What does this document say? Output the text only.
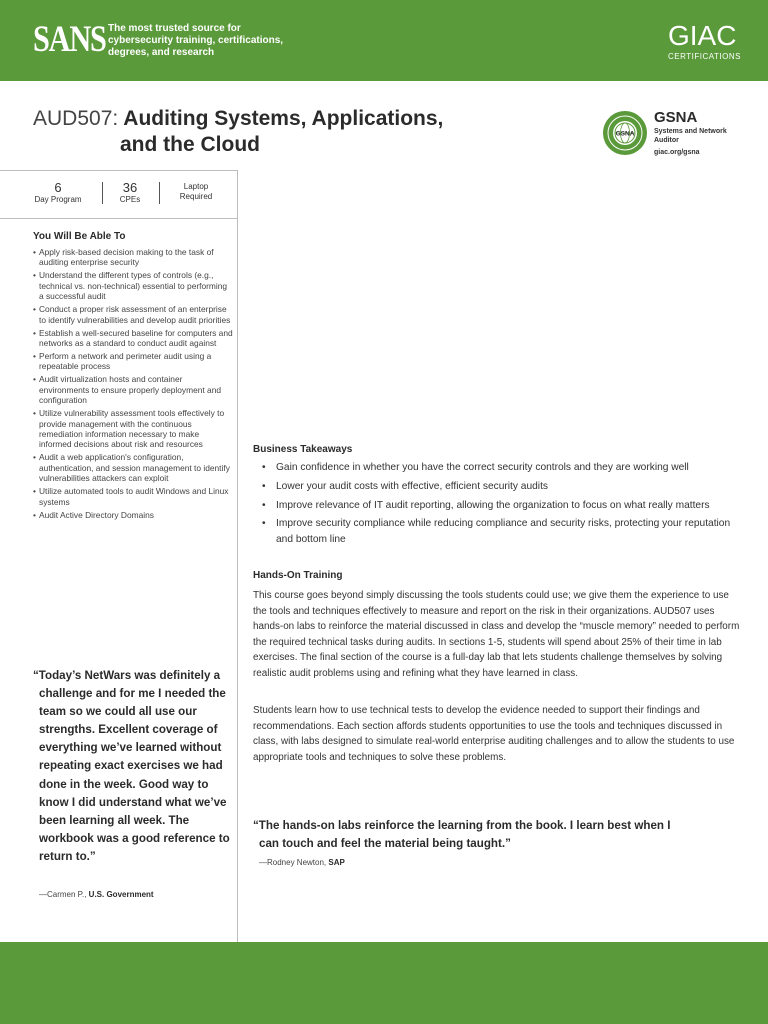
SANS The most trusted source for cybersecurity training, certifications, degrees, and research
GIAC
CERTIFICATIONS
AUD507: Auditing Systems, Applications,
and the Cloud	GSNA
GSNA
Systems and Network Auditor
giac.org/gsna
6
Day Program
36
CPEs
Laptop
Required
You Will Be Able To
• Apply risk-based decision making to the task of auditing enterprise security
• Understand the different types of controls (e.g., technical vs. non-technical) essential to performing a successful audit
• Conduct a proper risk assessment of an enterprise to identify vulnerabilities and develop audit priorities
• Establish a well-secured baseline for computers and networks as a standard to conduct audit against
• Perform a network and perimeter audit using a repeatable process
• Audit virtualization hosts and container environments to ensure properly deployment and configuration
• Utilize vulnerability assessment tools effectively to provide management with the continuous remediation information necessary to make informed decisions about risk and resources
• Audit a web application's configuration, authentication, and session management to identify vulnerabilities attackers can exploit
• Utilize automated tools to audit Windows and Linux systems
• Audit Active Directory Domains
“Today’s NetWars was definitely a challenge and for me I needed the team so we could all use our strengths. Excellent coverage of everything we’ve learned without repeating exact exercises we had done in the week. Good way to know I did understand what we’ve been learning all week. The workbook was a good reference to return to.”
—Carmen P., U.S. Government
Business Takeaways
• Gain confidence in whether you have the correct security controls and they are working well
• Lower your audit costs with effective, efficient security audits
• Improve relevance of IT audit reporting, allowing the organization to focus on what really matters
• Improve security compliance while reducing compliance and security risks, protecting your reputation and bottom line
Hands-On Training

This course goes beyond simply discussing the tools students could use; we give them the experience to use the tools and techniques effectively to measure and report on the risk in their organizations. AUD507 uses hands-on labs to reinforce the material discussed in class and develop the “muscle memory” needed to perform the required technical tasks during audits. In sections 1-5, students will spend about 25% of their time in lab exercises. The final section of the course is a full-day lab that lets students challenge themselves by solving realistic audit problems using and refining what they have learned in class.

Students learn how to use technical tests to develop the evidence needed to support their findings and recommendations. Each section affords students opportunities to use the tools and techniques discussed in class, with labs designed to simulate real-world enterprise auditing challenges and to allow the students to use appropriate tools and techniques to solve these problems.

“The hands-on labs reinforce the learning from the book. I learn best when I can touch and feel the material being taught.”
—Rodney Newton, SAP
